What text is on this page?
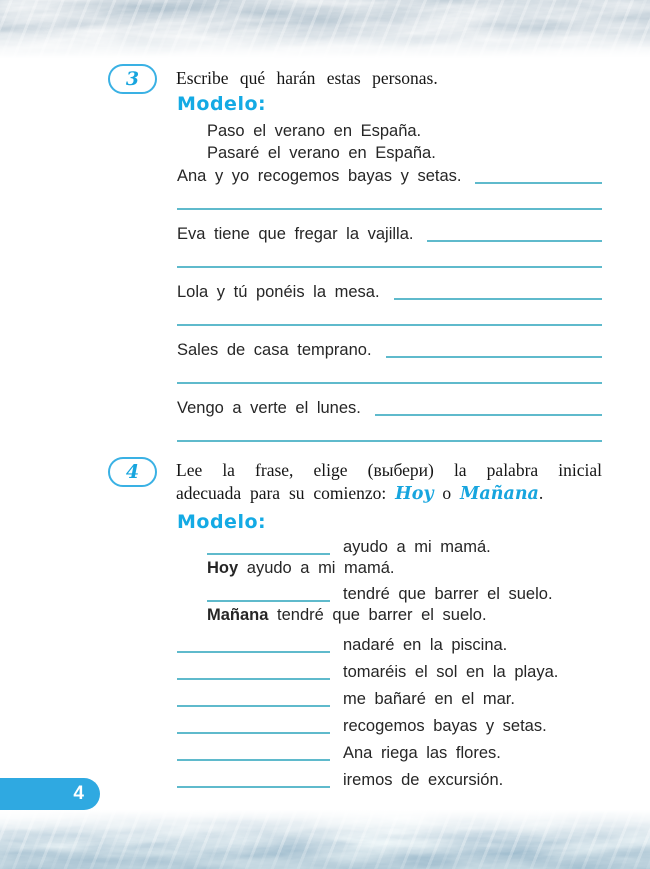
3 Escribe qué harán estas personas.
Modelo:
Paso el verano en España.
Pasaré el verano en España.
Ana y yo recogemos bayas y setas.
Eva tiene que fregar la vajilla.
Lola y tú ponéis la mesa.
Sales de casa temprano.
Vengo a verte el lunes.
4 Lee la frase, elige (выбери) la palabra inicial
adecuada para su comienzo: Hoy o Mañana.
Modelo:
ayudo a mi mamá.
Hoy ayudo a mi mamá.
tendré que barrer el suelo.
Mañana tendré que barrer el suelo.
nadaré en la piscina.
tomaréis el sol en la playa.
me bañaré en el mar.
recogemos bayas y setas.
Ana riega las flores.
iremos de excursión.
4
